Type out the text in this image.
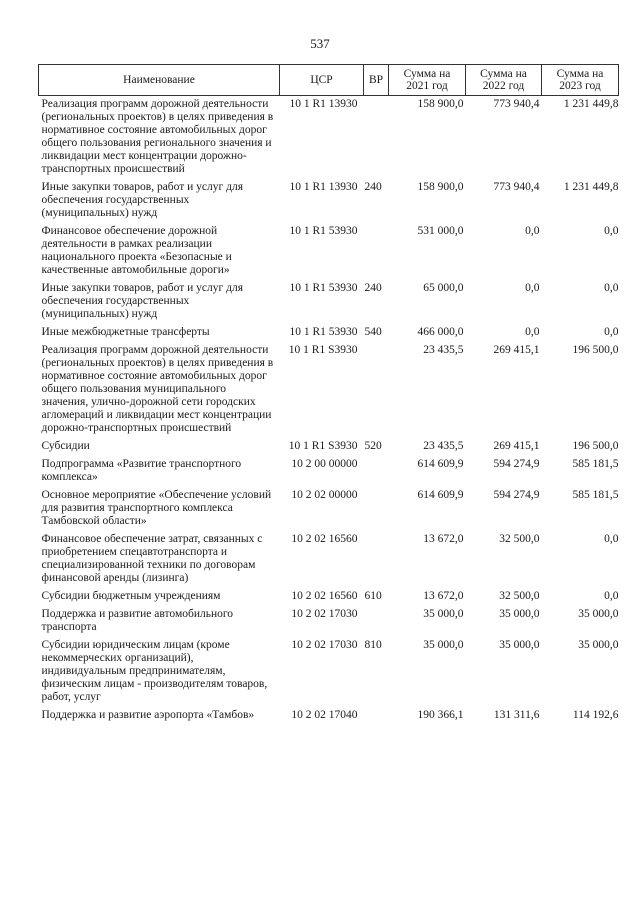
537
Наименование	ЦСР	ВР	Сумма на 2021 год	Сумма на 2022 год	Сумма на 2023 год
Реализация программ дорожной деятельности (региональных проектов) в целях приведения в нормативное состояние автомобильных дорог общего пользования регионального значения и ликвидации мест концентрации дорожно-транспортных происшествий	10 1 R1 13930		158 900,0	773 940,4	1 231 449,8
Иные закупки товаров, работ и услуг для обеспечения государственных (муниципальных) нужд	10 1 R1 13930	240	158 900,0	773 940,4	1 231 449,8
Финансовое обеспечение дорожной деятельности в рамках реализации национального проекта «Безопасные и качественные автомобильные дороги»	10 1 R1 53930		531 000,0	0,0	0,0
Иные закупки товаров, работ и услуг для обеспечения государственных (муниципальных) нужд	10 1 R1 53930	240	65 000,0	0,0	0,0
Иные межбюджетные трансферты	10 1 R1 53930	540	466 000,0	0,0	0,0
Реализация программ дорожной деятельности (региональных проектов) в целях приведения в нормативное состояние автомобильных дорог общего пользования муниципального значения, улично-дорожной сети городских агломераций и ликвидации мест концентрации дорожно-транспортных происшествий	10 1 R1 S3930		23 435,5	269 415,1	196 500,0
Субсидии	10 1 R1 S3930	520	23 435,5	269 415,1	196 500,0
Подпрограмма «Развитие транспортного комплекса»	10 2 00 00000		614 609,9	594 274,9	585 181,5
Основное мероприятие «Обеспечение условий для развития транспортного комплекса Тамбовской области»	10 2 02 00000		614 609,9	594 274,9	585 181,5
Финансовое обеспечение затрат, связанных с приобретением спецавтотранспорта и специализированной техники по договорам финансовой аренды (лизинга)	10 2 02 16560		13 672,0	32 500,0	0,0
Субсидии бюджетным учреждениям	10 2 02 16560	610	13 672,0	32 500,0	0,0
Поддержка и развитие автомобильного транспорта	10 2 02 17030		35 000,0	35 000,0	35 000,0
Субсидии юридическим лицам (кроме некоммерческих организаций), индивидуальным предпринимателям, физическим лицам - производителям товаров, работ, услуг	10 2 02 17030	810	35 000,0	35 000,0	35 000,0
Поддержка и развитие аэропорта «Тамбов»	10 2 02 17040		190 366,1	131 311,6	114 192,6
